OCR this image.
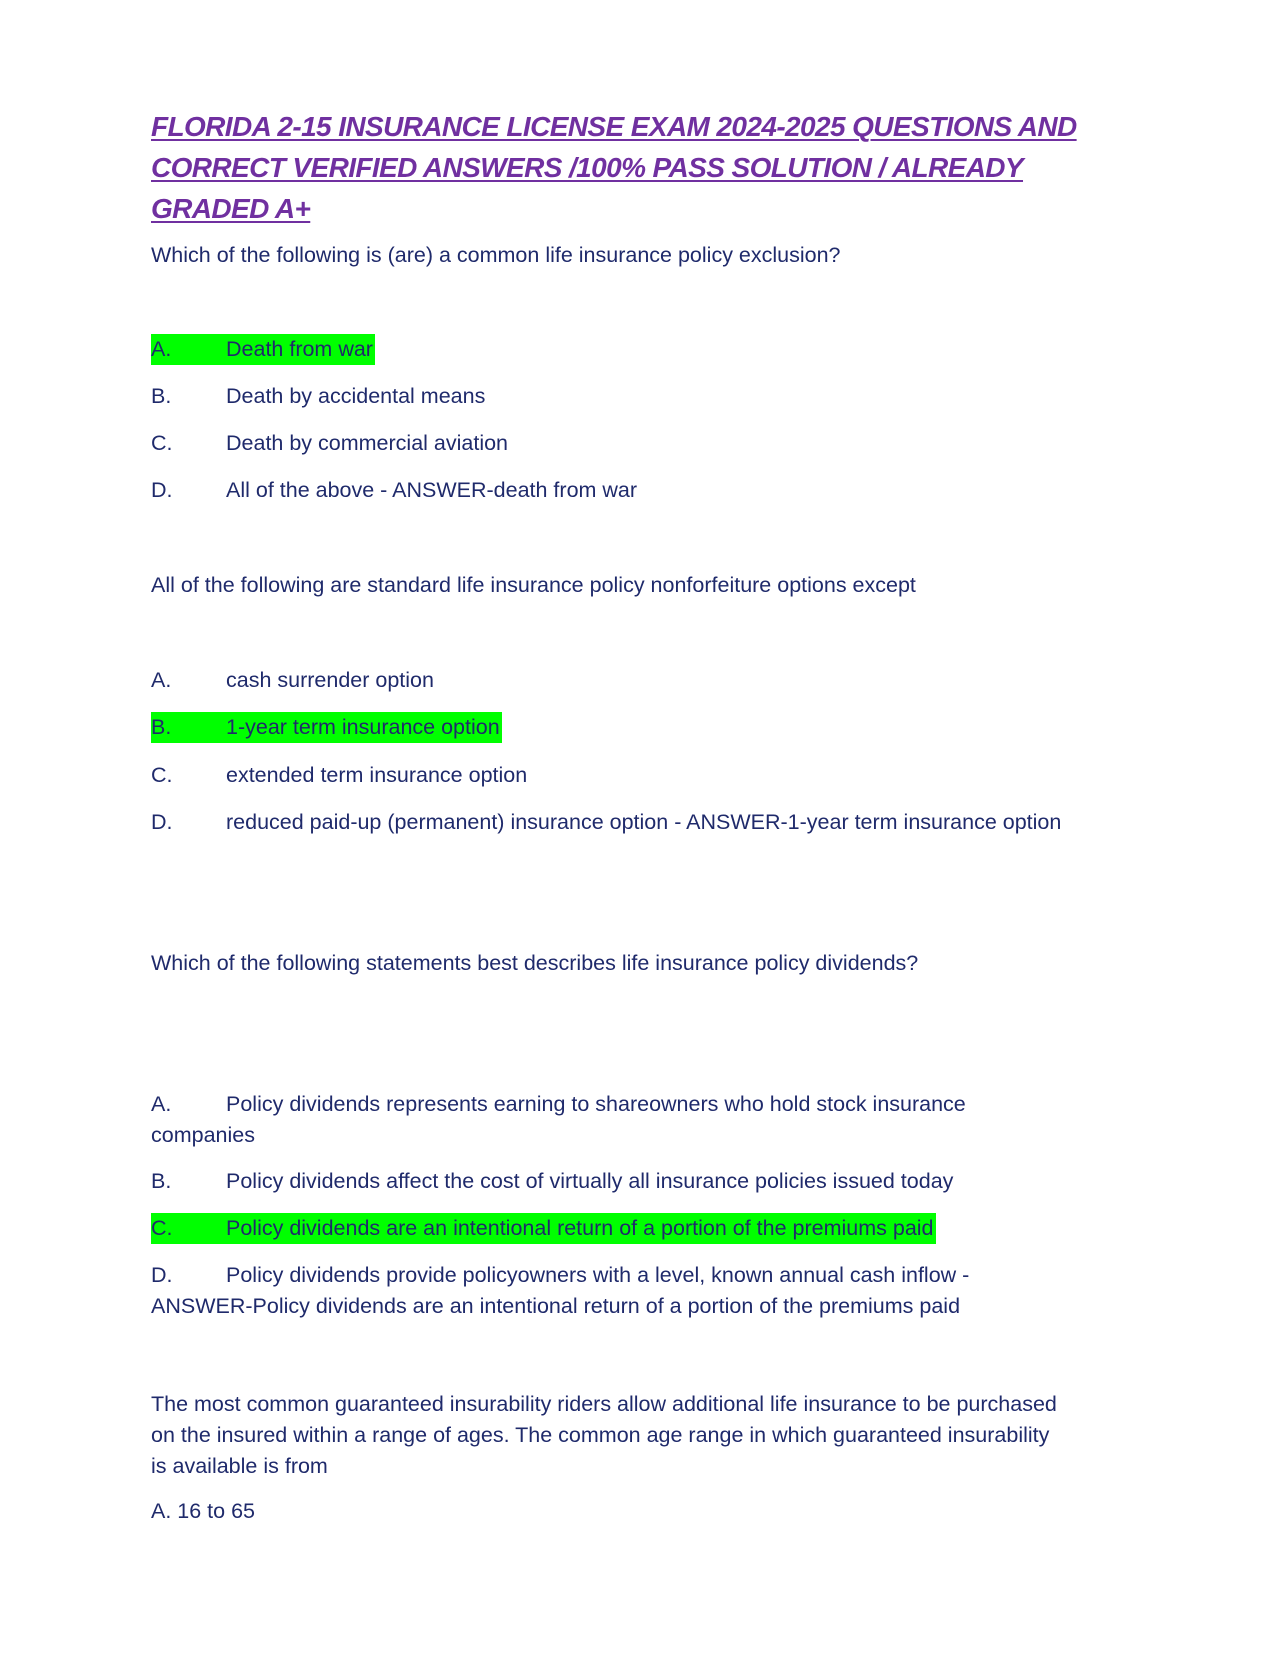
FLORIDA 2-15 INSURANCE LICENSE EXAM 2024-2025 QUESTIONS AND
CORRECT VERIFIED ANSWERS /100% PASS SOLUTION / ALREADY
GRADED A+

Which of the following is (are) a common life insurance policy exclusion?

A.	Death from war
B.	Death by accidental means
C. Death by commercial aviation
D. All of the above - ANSWER-death from war

All of the following are standard life insurance policy nonforfeiture options except

A.	cash surrender option
B.	1-year term insurance option
C. extended term insurance option
D. reduced paid-up (permanent) insurance option - ANSWER-1-year term insurance option

Which of the following statements best describes life insurance policy dividends?

A.	Policy dividends represents earning to shareowners who hold stock insurance
companies
B.	Policy dividends affect the cost of virtually all insurance policies issued today
C. Policy dividends are an intentional return of a portion of the premiums paid
D. Policy dividends provide policyowners with a level, known annual cash inflow -
ANSWER-Policy dividends are an intentional return of a portion of the premiums paid
The most common guaranteed insurability riders allow additional life insurance to be purchased
on the insured within a range of ages. The common age range in which guaranteed insurability
is available is from
A. 16 to 65
